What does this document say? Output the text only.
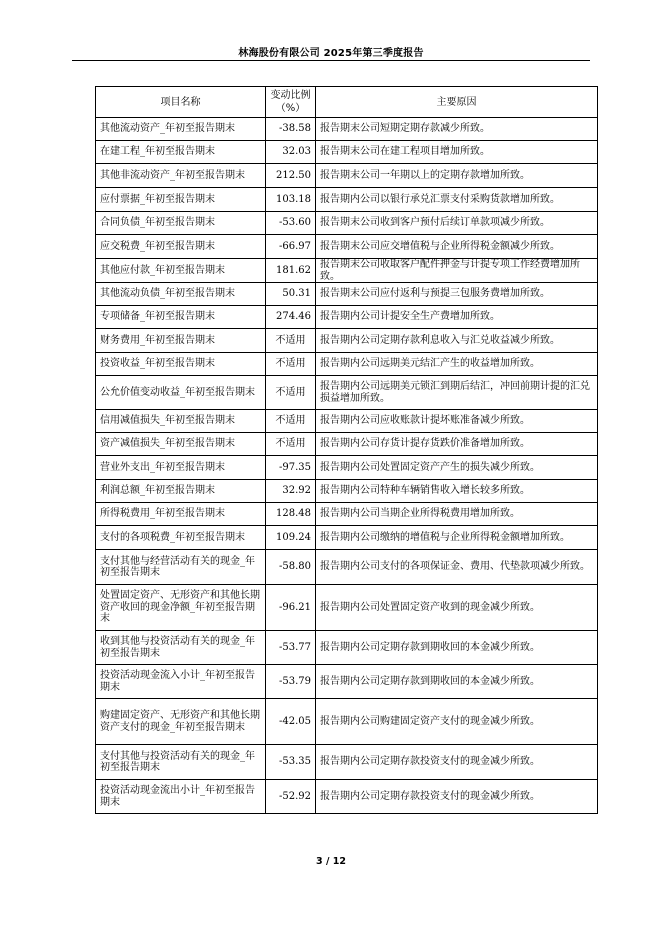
林海股份有限公司 2025年第三季度报告
项目名称	变动比例（%）	主要原因
其他流动资产_年初至报告期末	-38.58	报告期末公司短期定期存款减少所致。
在建工程_年初至报告期末	32.03	报告期末公司在建工程项目增加所致。
其他非流动资产_年初至报告期末	212.50	报告期末公司一年期以上的定期存款增加所致。
应付票据_年初至报告期末	103.18	报告期内公司以银行承兑汇票支付采购货款增加所致。
合同负债_年初至报告期末	-53.60	报告期末公司收到客户预付后续订单款项减少所致。
应交税费_年初至报告期末	-66.97	报告期末公司应交增值税与企业所得税金额减少所致。
其他应付款_年初至报告期末	181.62	报告期末公司收取客户配件押金与计提专项工作经费增加所致。
其他流动负债_年初至报告期末	50.31	报告期末公司应付返利与预提三包服务费增加所致。
专项储备_年初至报告期末	274.46	报告期内公司计提安全生产费增加所致。
财务费用_年初至报告期末	不适用	报告期内公司定期存款利息收入与汇兑收益减少所致。
投资收益_年初至报告期末	不适用	报告期内公司远期美元结汇产生的收益增加所致。
公允价值变动收益_年初至报告期末	不适用	报告期内公司远期美元锁汇到期后结汇，冲回前期计提的汇兑损益增加所致。
信用减值损失_年初至报告期末	不适用	报告期内公司应收账款计提坏账准备减少所致。
资产减值损失_年初至报告期末	不适用	报告期内公司存货计提存货跌价准备增加所致。
营业外支出_年初至报告期末	-97.35	报告期内公司处置固定资产产生的损失减少所致。
利润总额_年初至报告期末	32.92	报告期内公司特种车辆销售收入增长较多所致。
所得税费用_年初至报告期末	128.48	报告期内公司当期企业所得税费用增加所致。
支付的各项税费_年初至报告期末	109.24	报告期内公司缴纳的增值税与企业所得税金额增加所致。
支付其他与经营活动有关的现金_年初至报告期末	-58.80	报告期内公司支付的各项保证金、费用、代垫款项减少所致。
处置固定资产、无形资产和其他长期资产收回的现金净额_年初至报告期末	-96.21	报告期内公司处置固定资产收到的现金减少所致。
收到其他与投资活动有关的现金_年初至报告期末	-53.77	报告期内公司定期存款到期收回的本金减少所致。
投资活动现金流入小计_年初至报告期末	-53.79	报告期内公司定期存款到期收回的本金减少所致。
购建固定资产、无形资产和其他长期资产支付的现金_年初至报告期末	-42.05	报告期内公司购建固定资产支付的现金减少所致。
支付其他与投资活动有关的现金_年初至报告期末	-53.35	报告期内公司定期存款投资支付的现金减少所致。
投资活动现金流出小计_年初至报告期末	-52.92	报告期内公司定期存款投资支付的现金减少所致。
3 / 12
